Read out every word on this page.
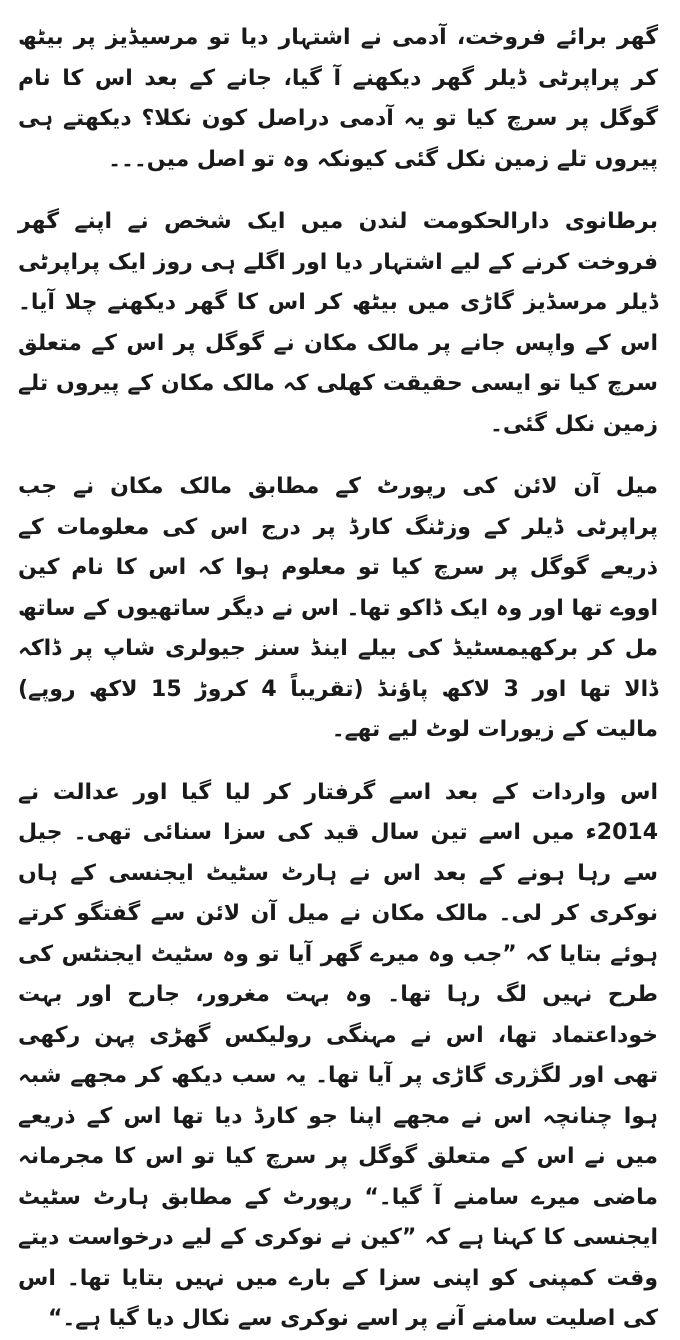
گھر برائے فروخت، آدمی نے اشتہار دیا تو مرسیڈیز پر بیٹھ کر پراپرٹی ڈیلر گھر دیکھنے آ گیا، جانے کے بعد اس کا نام گوگل پر سرچ کیا تو یہ آدمی دراصل کون نکلا؟ دیکھتے ہی پیروں تلے زمین نکل گئی کیونکہ وہ تو اصل میں۔۔۔

برطانوی دارالحکومت لندن میں ایک شخص نے اپنے گھر فروخت کرنے کے لیے اشتہار دیا اور اگلے ہی روز ایک پراپرٹی ڈیلر مرسڈیز گاڑی میں بیٹھ کر اس کا گھر دیکھنے چلا آیا۔ اس کے واپس جانے پر مالک مکان نے گوگل پر اس کے متعلق سرچ کیا تو ایسی حقیقت کھلی کہ مالک مکان کے پیروں تلے زمین نکل گئی۔

میل آن لائن کی رپورٹ کے مطابق مالک مکان نے جب پراپرٹی ڈیلر کے وزٹنگ کارڈ پر درج اس کی معلومات کے ذریعے گوگل پر سرچ کیا تو معلوم ہوا کہ اس کا نام کین اووے تھا اور وہ ایک ڈاکو تھا۔ اس نے دیگر ساتھیوں کے ساتھ مل کر برکھیمسٹیڈ کی بیلے اینڈ سنز جیولری شاپ پر ڈاکہ ڈالا تھا اور 3 لاکھ پاؤنڈ (تقریباً 4 کروڑ 15 لاکھ روپے) مالیت کے زیورات لوٹ لیے تھے۔

اس واردات کے بعد اسے گرفتار کر لیا گیا اور عدالت نے 2014ء میں اسے تین سال قید کی سزا سنائی تھی۔ جیل سے رہا ہونے کے بعد اس نے ہارٹ سٹیٹ ایجنسی کے ہاں نوکری کر لی۔ مالک مکان نے میل آن لائن سے گفتگو کرتے ہوئے بتایا کہ ”جب وہ میرے گھر آیا تو وہ سٹیٹ ایجنٹس کی طرح نہیں لگ رہا تھا۔ وہ بہت مغرور، جارح اور بہت خوداعتماد تھا، اس نے مہنگی رولیکس گھڑی پہن رکھی تھی اور لگژری گاڑی پر آیا تھا۔ یہ سب دیکھ کر مجھے شبہ ہوا چنانچہ اس نے مجھے اپنا جو کارڈ دیا تھا اس کے ذریعے میں نے اس کے متعلق گوگل پر سرچ کیا تو اس کا مجرمانہ ماضی میرے سامنے آ گیا۔“ رپورٹ کے مطابق ہارٹ سٹیٹ ایجنسی کا کہنا ہے کہ ”کین نے نوکری کے لیے درخواست دیتے وقت کمپنی کو اپنی سزا کے بارے میں نہیں بتایا تھا۔ اس کی اصلیت سامنے آنے پر اسے نوکری سے نکال دیا گیا ہے۔“
